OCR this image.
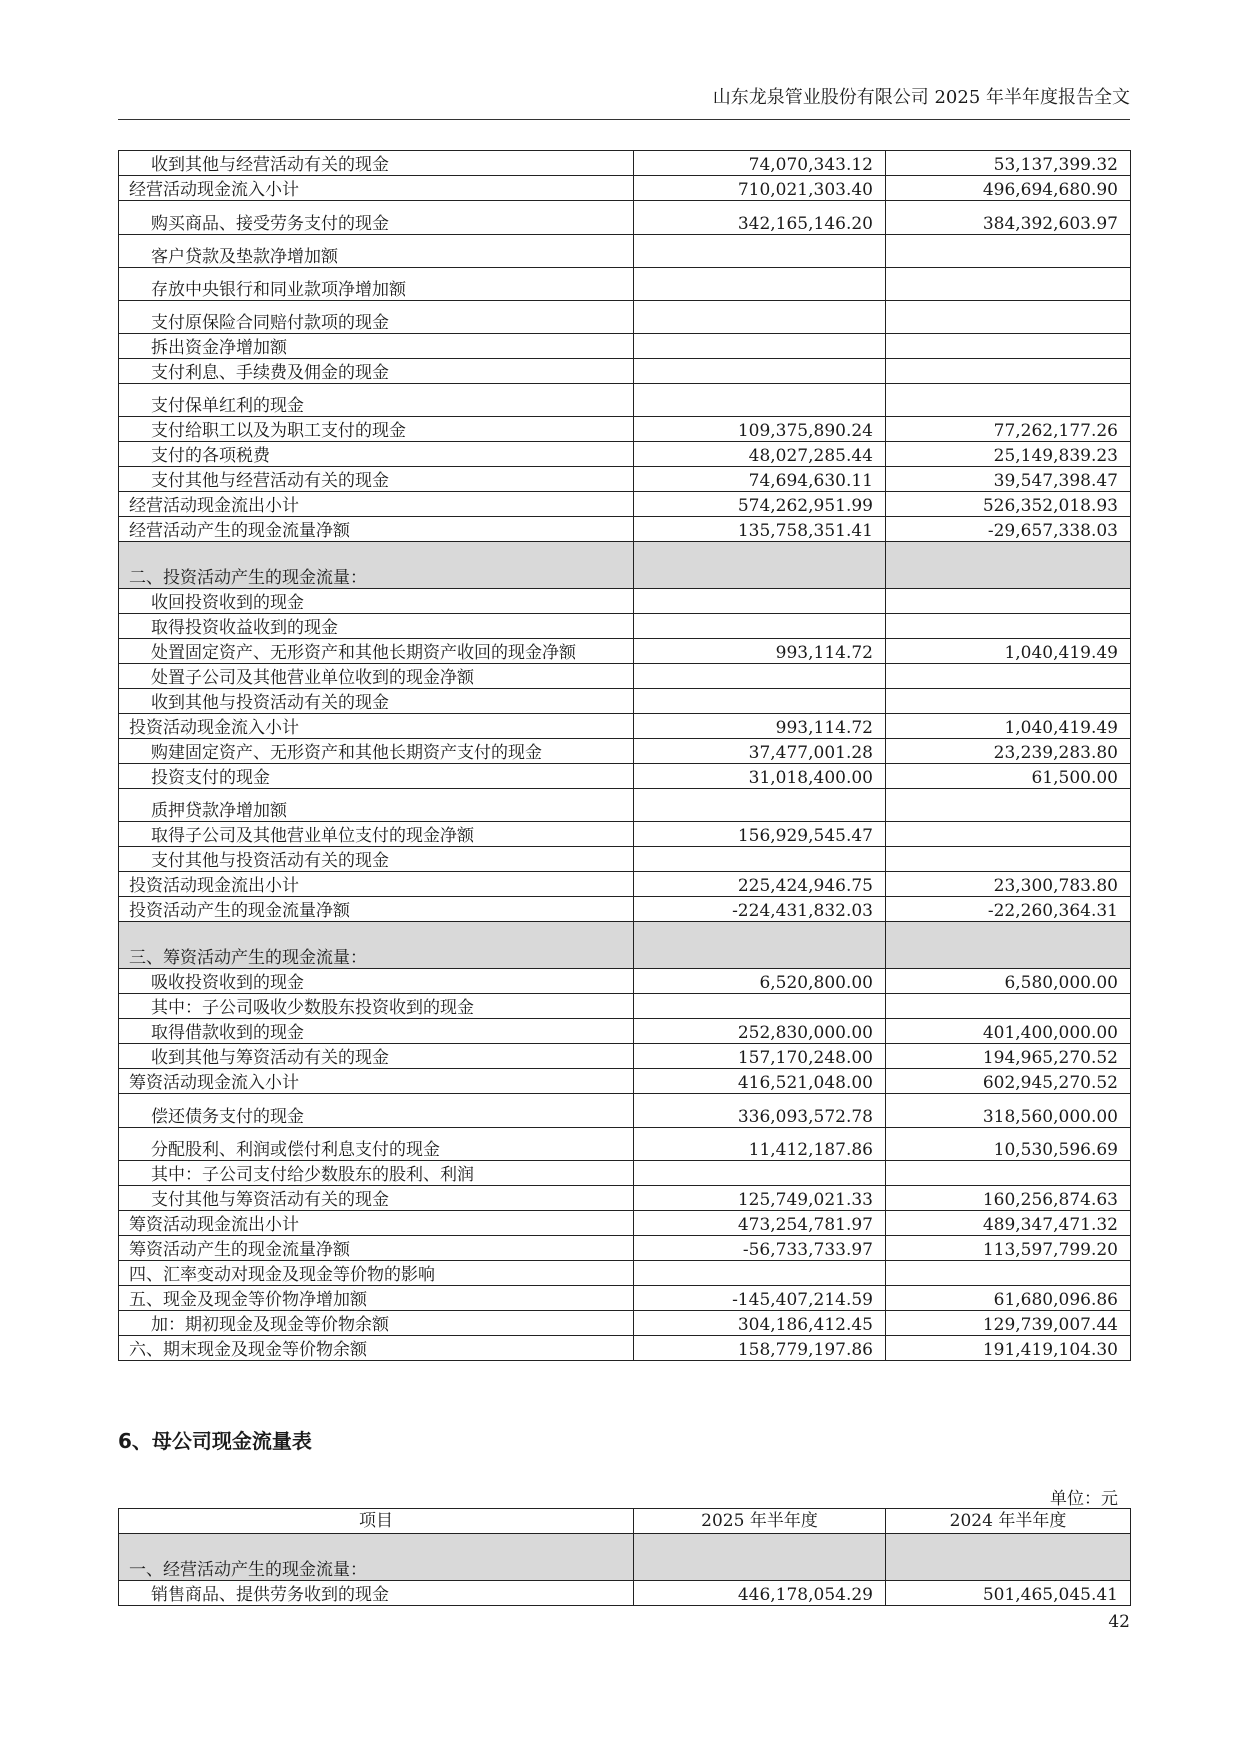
山东龙泉管业股份有限公司 2025 年半年度报告全文
收到其他与经营活动有关的现金	74,070,343.12	53,137,399.32
经营活动现金流入小计	710,021,303.40	496,694,680.90
购买商品、接受劳务支付的现金	342,165,146.20	384,392,603.97
客户贷款及垫款净增加额		
存放中央银行和同业款项净增加额		
支付原保险合同赔付款项的现金		
拆出资金净增加额		
支付利息、手续费及佣金的现金		
支付保单红利的现金		
支付给职工以及为职工支付的现金	109,375,890.24	77,262,177.26
支付的各项税费	48,027,285.44	25,149,839.23
支付其他与经营活动有关的现金	74,694,630.11	39,547,398.47
经营活动现金流出小计	574,262,951.99	526,352,018.93
经营活动产生的现金流量净额	135,758,351.41	-29,657,338.03
二、投资活动产生的现金流量：		
收回投资收到的现金		
取得投资收益收到的现金		
处置固定资产、无形资产和其他长期资产收回的现金净额	993,114.72	1,040,419.49
处置子公司及其他营业单位收到的现金净额		
收到其他与投资活动有关的现金		
投资活动现金流入小计	993,114.72	1,040,419.49
购建固定资产、无形资产和其他长期资产支付的现金	37,477,001.28	23,239,283.80
投资支付的现金	31,018,400.00	61,500.00
质押贷款净增加额		
取得子公司及其他营业单位支付的现金净额	156,929,545.47	
支付其他与投资活动有关的现金		
投资活动现金流出小计	225,424,946.75	23,300,783.80
投资活动产生的现金流量净额	-224,431,832.03	-22,260,364.31
三、筹资活动产生的现金流量：		
吸收投资收到的现金	6,520,800.00	6,580,000.00
其中：子公司吸收少数股东投资收到的现金		
取得借款收到的现金	252,830,000.00	401,400,000.00
收到其他与筹资活动有关的现金	157,170,248.00	194,965,270.52
筹资活动现金流入小计	416,521,048.00	602,945,270.52
偿还债务支付的现金	336,093,572.78	318,560,000.00
分配股利、利润或偿付利息支付的现金	11,412,187.86	10,530,596.69
其中：子公司支付给少数股东的股利、利润		
支付其他与筹资活动有关的现金	125,749,021.33	160,256,874.63
筹资活动现金流出小计	473,254,781.97	489,347,471.32
筹资活动产生的现金流量净额	-56,733,733.97	113,597,799.20
四、汇率变动对现金及现金等价物的影响		
五、现金及现金等价物净增加额	-145,407,214.59	61,680,096.86
加：期初现金及现金等价物余额	304,186,412.45	129,739,007.44
六、期末现金及现金等价物余额	158,779,197.86	191,419,104.30
6、母公司现金流量表
单位：元
项目	2025 年半年度	2024 年半年度
一、经营活动产生的现金流量：		
销售商品、提供劳务收到的现金	446,178,054.29	501,465,045.41
42
